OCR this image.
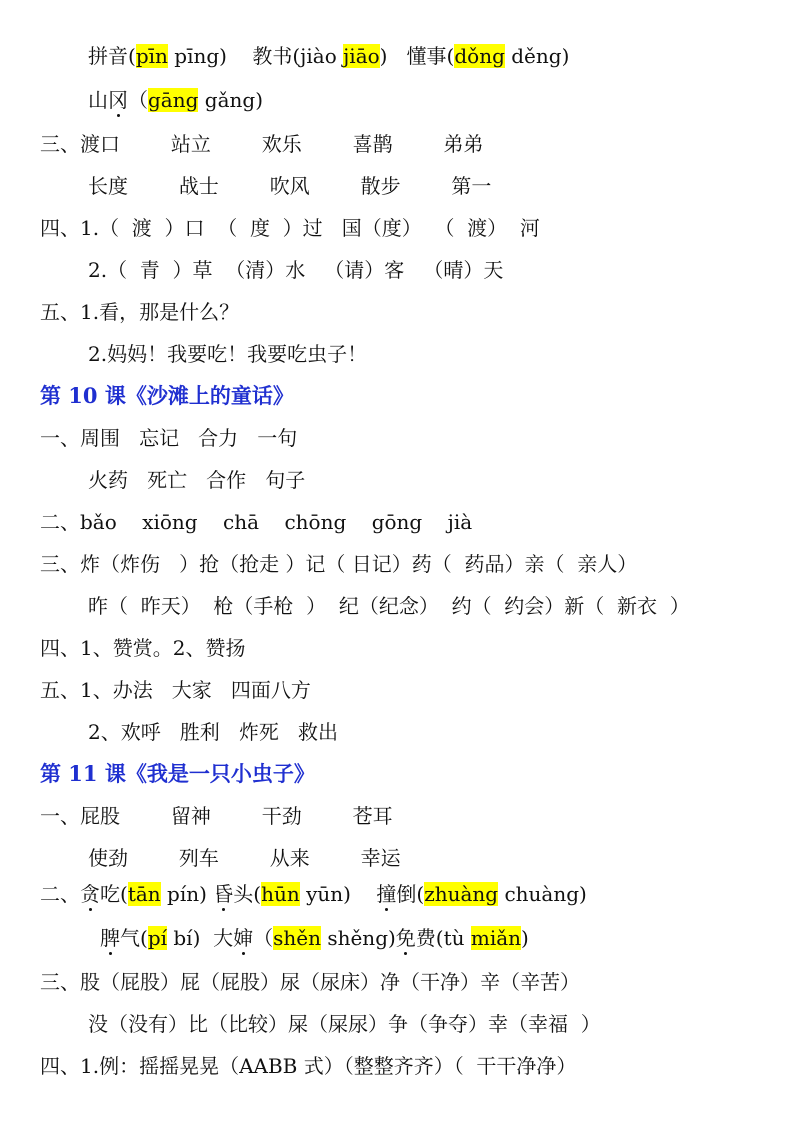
拼音(pīn pīng)    教书(jiào jiāo)   懂事(dǒng děng)
山冈（gāng gǎng)
三、渡口        站立        欢乐        喜鹊        弟弟
长度        战士        吹风        散步        第一
四、1.（  渡  ）口  （  度  ）过   国（度）  （  渡）  河
2.（  青  ）草  （清）水   （请）客   （晴）天
五、1.看，那是什么？
2.妈妈！我要吃！我要吃虫子！
第 10 课《沙滩上的童话》
一、周围   忘记   合力   一句
火药   死亡   合作   句子
二、bǎo    xiōng    chā    chōng    gōng    jià
三、炸（炸伤   ）抢（抢走 ）记（ 日记）药（  药品）亲（  亲人）
昨（  昨天）  枪（手枪  ）  纪（纪念）  约（  约会）新（  新衣  ）
四、1、赞赏。2、赞扬
五、1、办法   大家   四面八方
2、欢呼   胜利   炸死   救出
第 11 课《我是一只小虫子》
一、屁股        留神        干劲        苍耳
使劲        列车        从来        幸运
二、贪吃(tān pín) 昏头(hūn yūn)    撞倒(zhuàng chuàng)
脾气(pí bí)  大婶（shěn shěng)免费(tù miǎn)
三、股（屁股）屁（屁股）尿（尿床）净（干净）辛（辛苦）
没（没有）比（比较）屎（屎尿）争（争夺）幸（幸福  ）
四、1.例：摇摇晃晃（AABB 式）（整整齐齐）（  干干净净）
